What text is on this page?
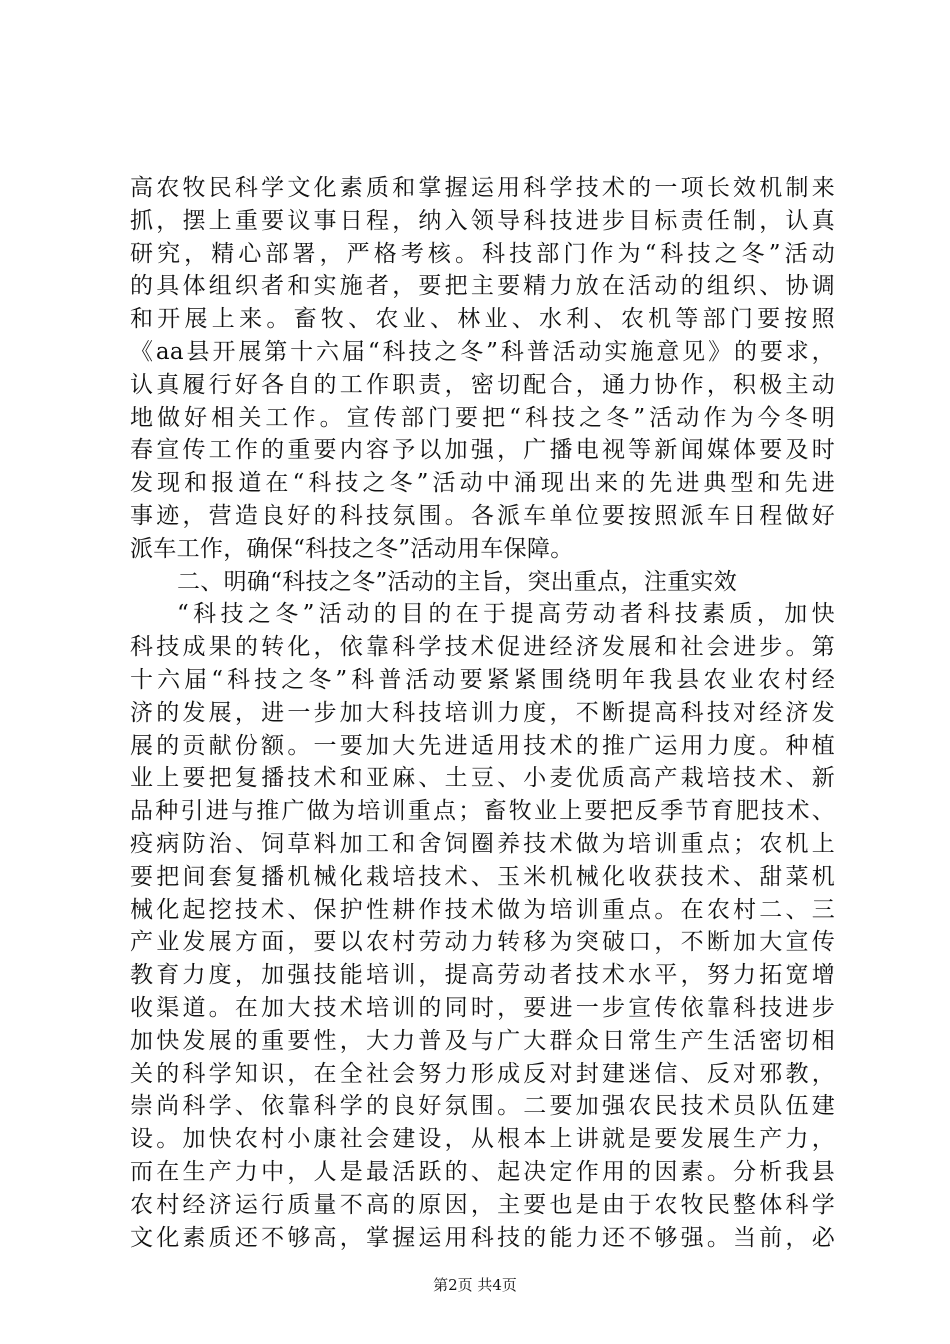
高农牧民科学文化素质和掌握运用科学技术的一项长效机制来
抓，摆上重要议事日程，纳入领导科技进步目标责任制，认真
研究，精心部署，严格考核。科技部门作为“科技之冬”活动
的具体组织者和实施者，要把主要精力放在活动的组织、协调
和开展上来。畜牧、农业、林业、水利、农机等部门要按照
《aa县开展第十六届“科技之冬”科普活动实施意见》的要求，
认真履行好各自的工作职责，密切配合，通力协作，积极主动
地做好相关工作。宣传部门要把“科技之冬”活动作为今冬明
春宣传工作的重要内容予以加强，广播电视等新闻媒体要及时
发现和报道在“科技之冬”活动中涌现出来的先进典型和先进
事迹，营造良好的科技氛围。各派车单位要按照派车日程做好
派车工作，确保“科技之冬”活动用车保障。
二、明确“科技之冬”活动的主旨，突出重点，注重实效
“科技之冬”活动的目的在于提高劳动者科技素质，加快
科技成果的转化，依靠科学技术促进经济发展和社会进步。第
十六届“科技之冬”科普活动要紧紧围绕明年我县农业农村经
济的发展，进一步加大科技培训力度，不断提高科技对经济发
展的贡献份额。一要加大先进适用技术的推广运用力度。种植
业上要把复播技术和亚麻、土豆、小麦优质高产栽培技术、新
品种引进与推广做为培训重点；畜牧业上要把反季节育肥技术、
疫病防治、饲草料加工和舍饲圈养技术做为培训重点；农机上
要把间套复播机械化栽培技术、玉米机械化收获技术、甜菜机
械化起挖技术、保护性耕作技术做为培训重点。在农村二、三
产业发展方面，要以农村劳动力转移为突破口，不断加大宣传
教育力度，加强技能培训，提高劳动者技术水平，努力拓宽增
收渠道。在加大技术培训的同时，要进一步宣传依靠科技进步
加快发展的重要性，大力普及与广大群众日常生产生活密切相
关的科学知识，在全社会努力形成反对封建迷信、反对邪教，
崇尚科学、依靠科学的良好氛围。二要加强农民技术员队伍建
设。加快农村小康社会建设，从根本上讲就是要发展生产力，
而在生产力中，人是最活跃的、起决定作用的因素。分析我县
农村经济运行质量不高的原因，主要也是由于农牧民整体科学
文化素质还不够高，掌握运用科技的能力还不够强。当前，必
第2页 共4页
